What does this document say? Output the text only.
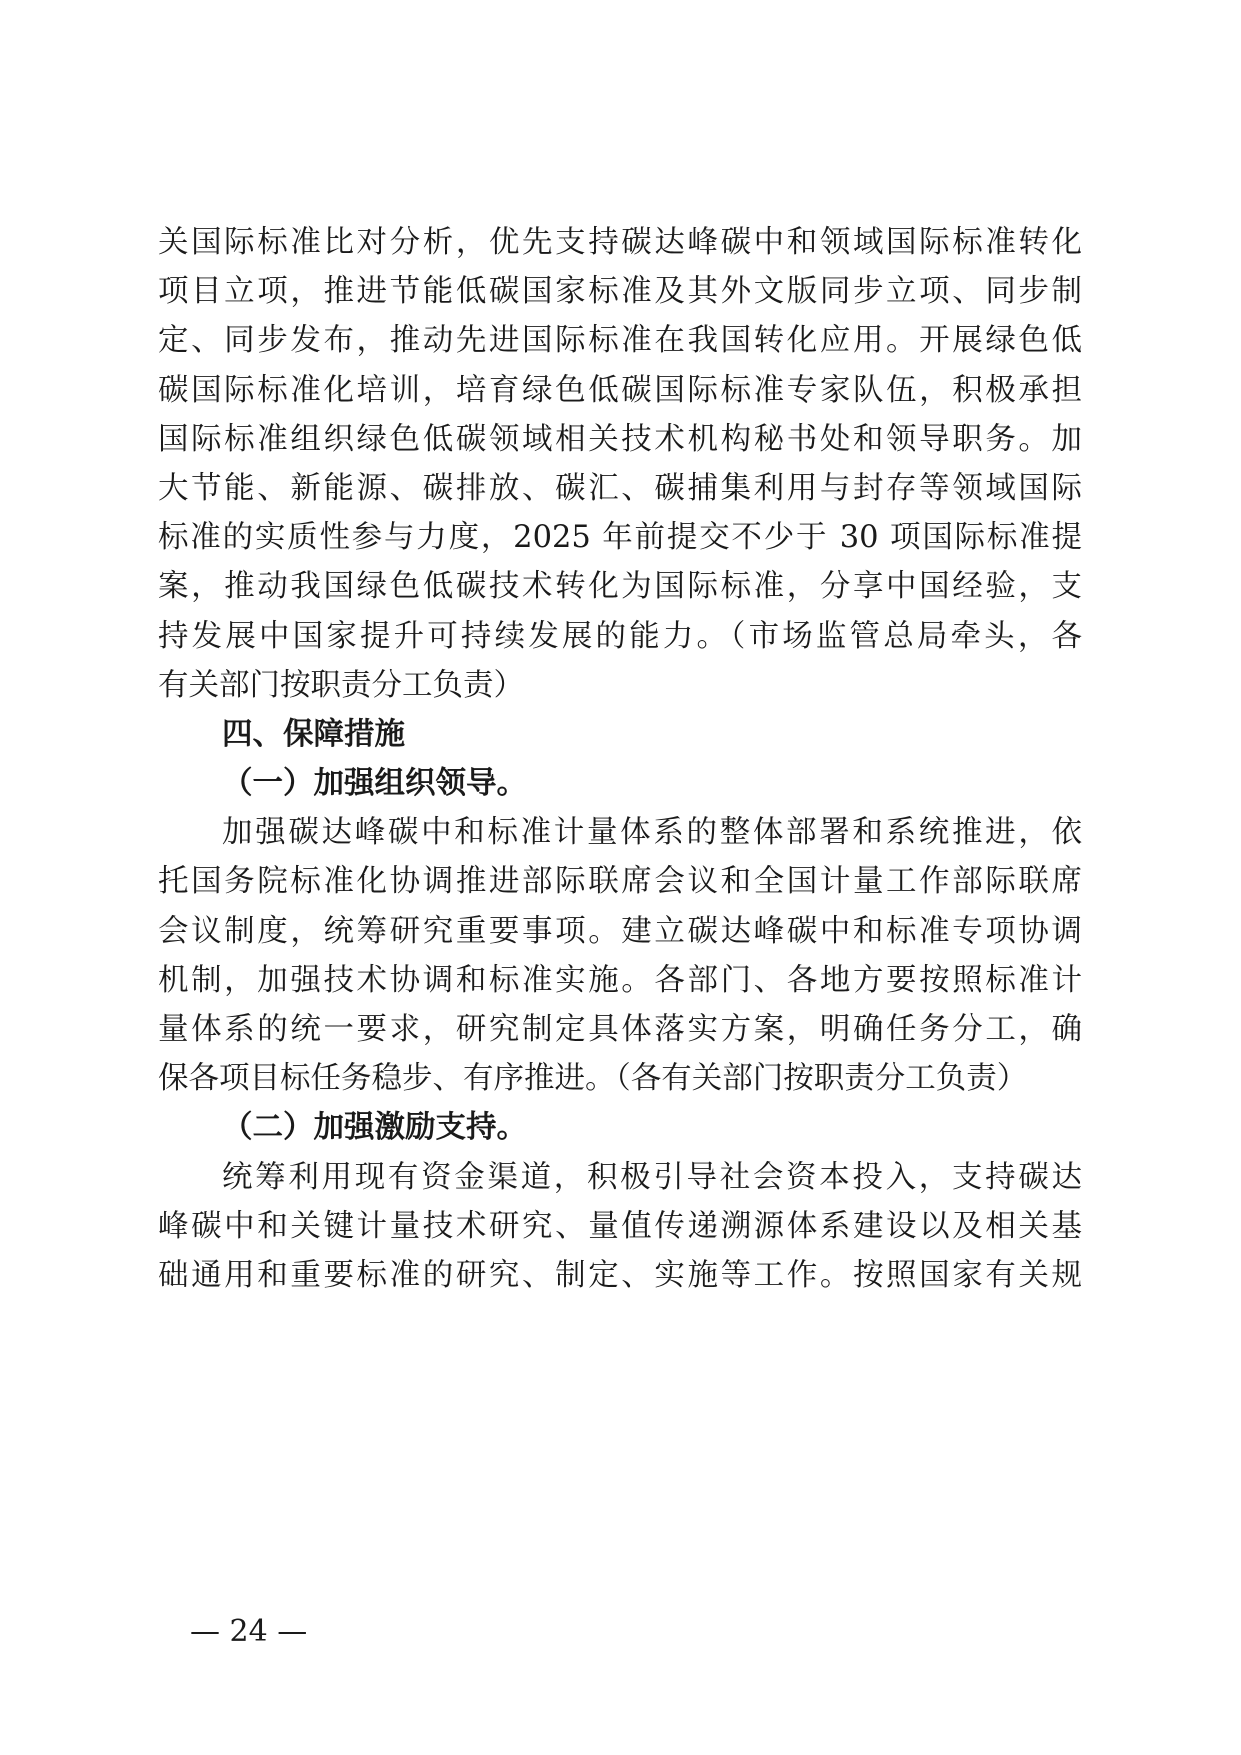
关国际标准比对分析，优先支持碳达峰碳中和领域国际标准转化
项目立项，推进节能低碳国家标准及其外文版同步立项、同步制
定、同步发布，推动先进国际标准在我国转化应用。开展绿色低
碳国际标准化培训，培育绿色低碳国际标准专家队伍，积极承担
国际标准组织绿色低碳领域相关技术机构秘书处和领导职务。加
大节能、新能源、碳排放、碳汇、碳捕集利用与封存等领域国际
标准的实质性参与力度，2025 年前提交不少于 30 项国际标准提
案，推动我国绿色低碳技术转化为国际标准，分享中国经验，支
持发展中国家提升可持续发展的能力。（市场监管总局牵头，各
有关部门按职责分工负责）
四、保障措施
（一）加强组织领导。
加强碳达峰碳中和标准计量体系的整体部署和系统推进，依
托国务院标准化协调推进部际联席会议和全国计量工作部际联席
会议制度，统筹研究重要事项。建立碳达峰碳中和标准专项协调
机制，加强技术协调和标准实施。各部门、各地方要按照标准计
量体系的统一要求，研究制定具体落实方案，明确任务分工，确
保各项目标任务稳步、有序推进。（各有关部门按职责分工负责）
（二）加强激励支持。
统筹利用现有资金渠道，积极引导社会资本投入，支持碳达
峰碳中和关键计量技术研究、量值传递溯源体系建设以及相关基
础通用和重要标准的研究、制定、实施等工作。按照国家有关规
— 24 —
